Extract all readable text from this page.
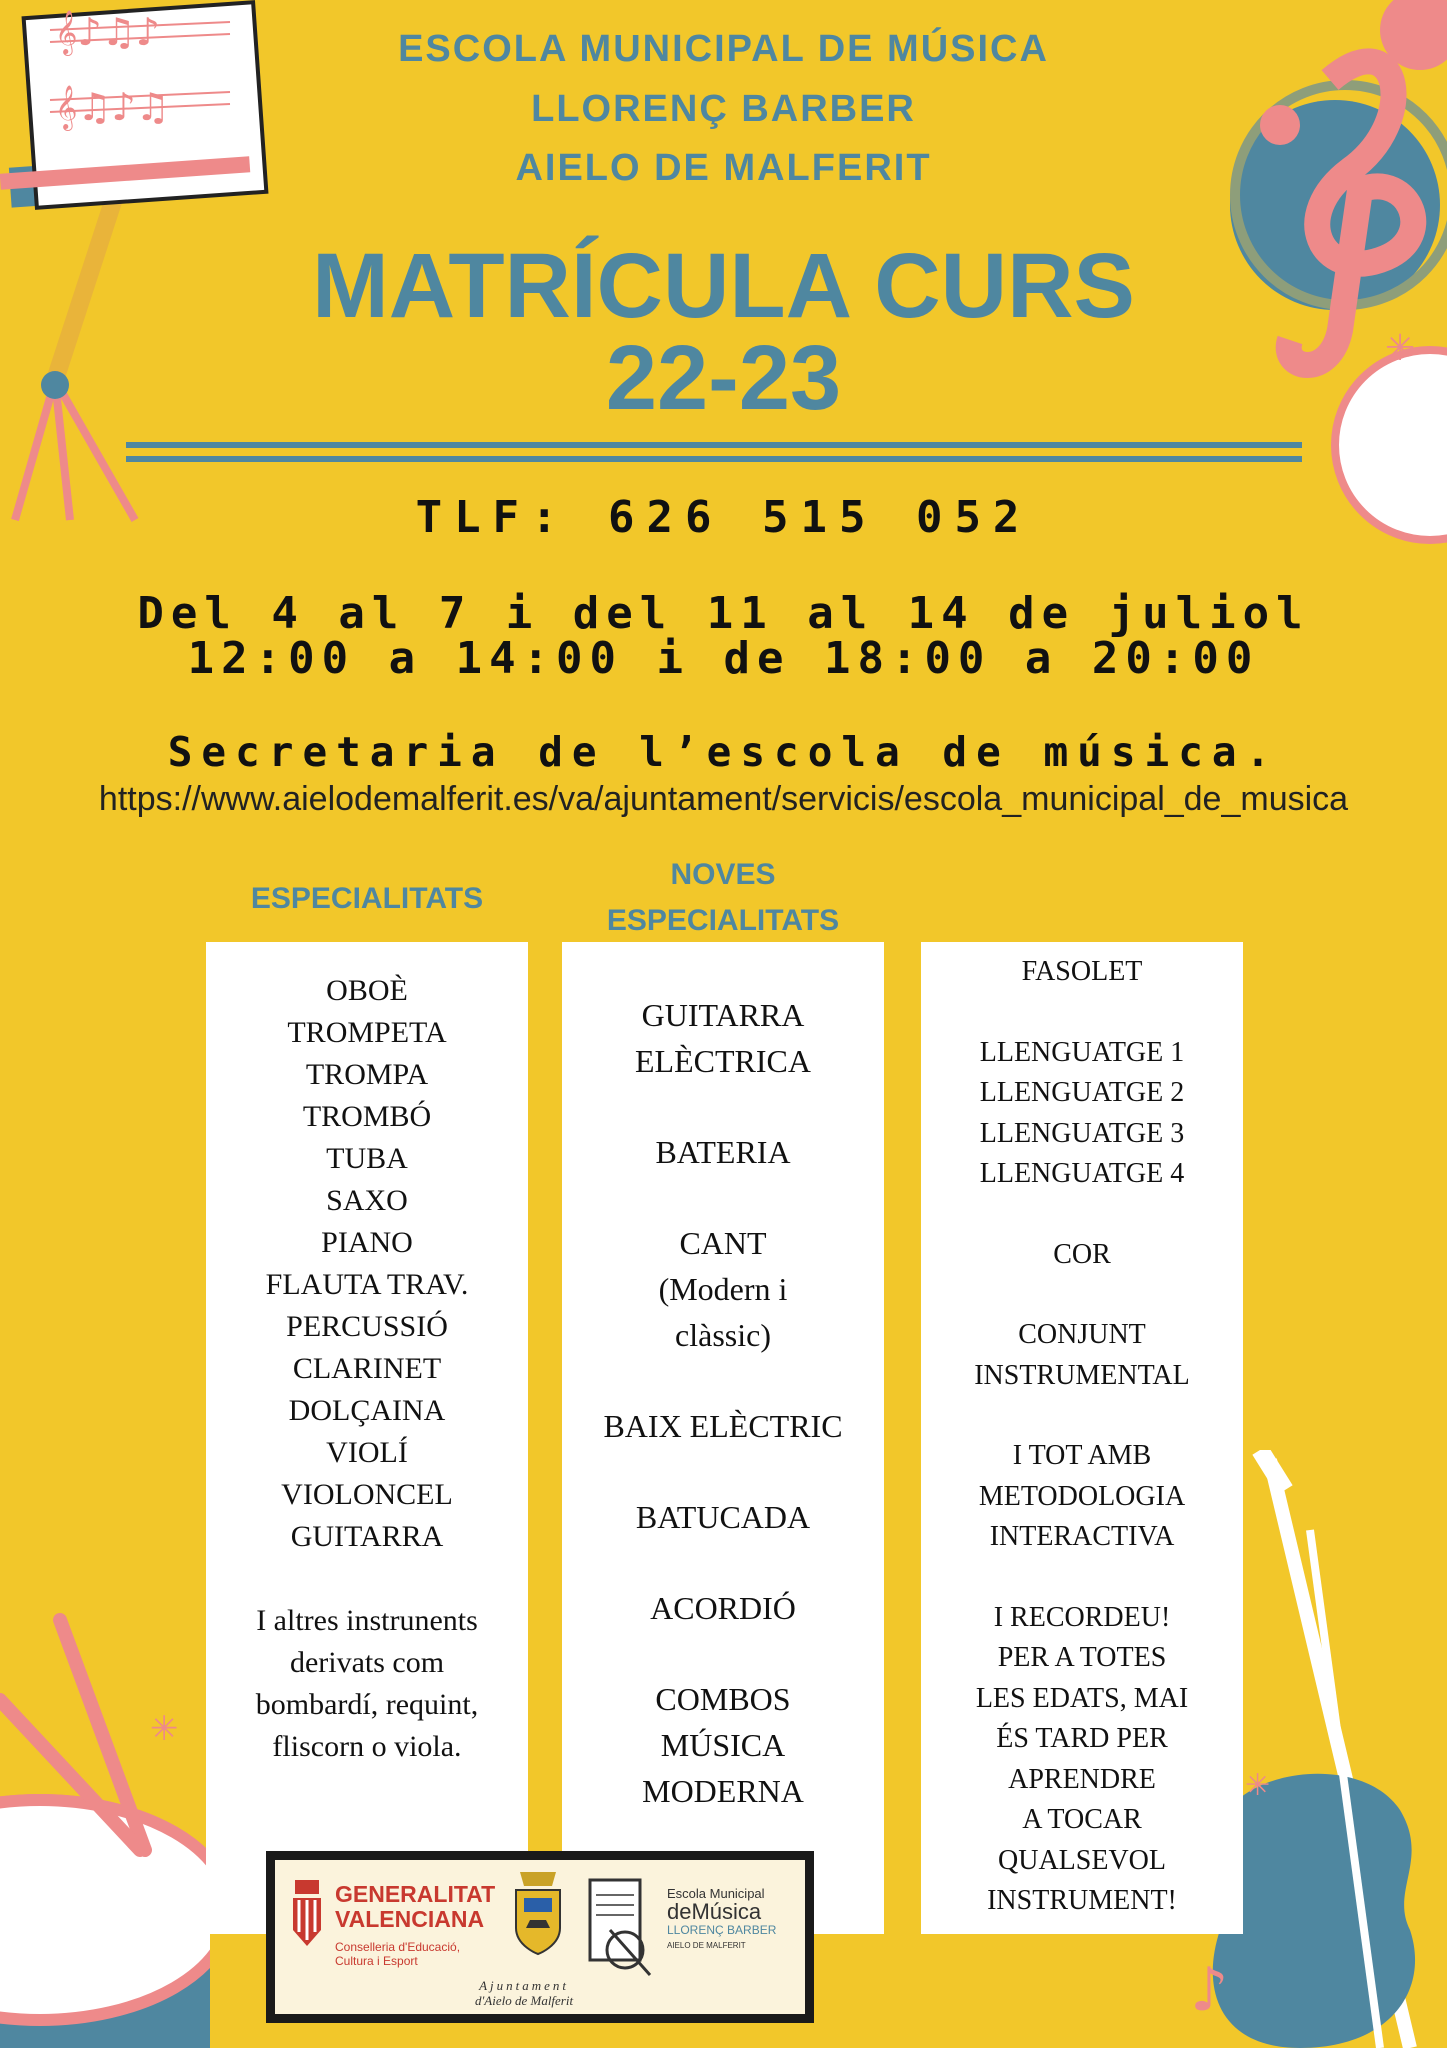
𝄞♪♫♪
𝄞♫♪♫
✳
✳
✳
♪
ESCOLA MUNICIPAL DE MÚSICA
LLORENÇ BARBER
AIELO DE MALFERIT
MATRÍCULA CURS
22-23
TLF: 626 515 052
Del 4 al 7 i del 11 al 14 de juliol
12:00 a 14:00 i de 18:00 a 20:00
Secretaria de l’escola de música.
https://www.aielodemalferit.es/va/ajuntament/servicis/escola_municipal_de_musica
ESPECIALITATS
NOVES
ESPECIALITATS
OBOÈ
TROMPETA
TROMPA
TROMBÓ
TUBA
SAXO
PIANO
FLAUTA TRAV.
PERCUSSIÓ
CLARINET
DOLÇAINA
VIOLÍ
VIOLONCEL
GUITARRA
I altres instrunents
derivats com
bombardí, requint,
fliscorn o viola.
GUITARRA
ELÈCTRICA
BATERIA
CANT
(Modern i
clàssic)
BAIX ELÈCTRIC
BATUCADA
ACORDIÓ
COMBOS
MÚSICA
MODERNA
FASOLET
LLENGUATGE 1
LLENGUATGE 2
LLENGUATGE 3
LLENGUATGE 4
COR
CONJUNT
INSTRUMENTAL
I TOT AMB
METODOLOGIA
INTERACTIVA
I RECORDEU!
PER A TOTES
LES EDATS, MAI
ÉS TARD PER
APRENDRE
A TOCAR
QUALSEVOL
INSTRUMENT!
GENERALITAT
VALENCIANA
Conselleria d'Educació,
Cultura i Esport
Ajuntament
d'Aielo de Malferit
Escola Municipal
deMúsica
LLORENÇ BARBER
AIELO DE MALFERIT
